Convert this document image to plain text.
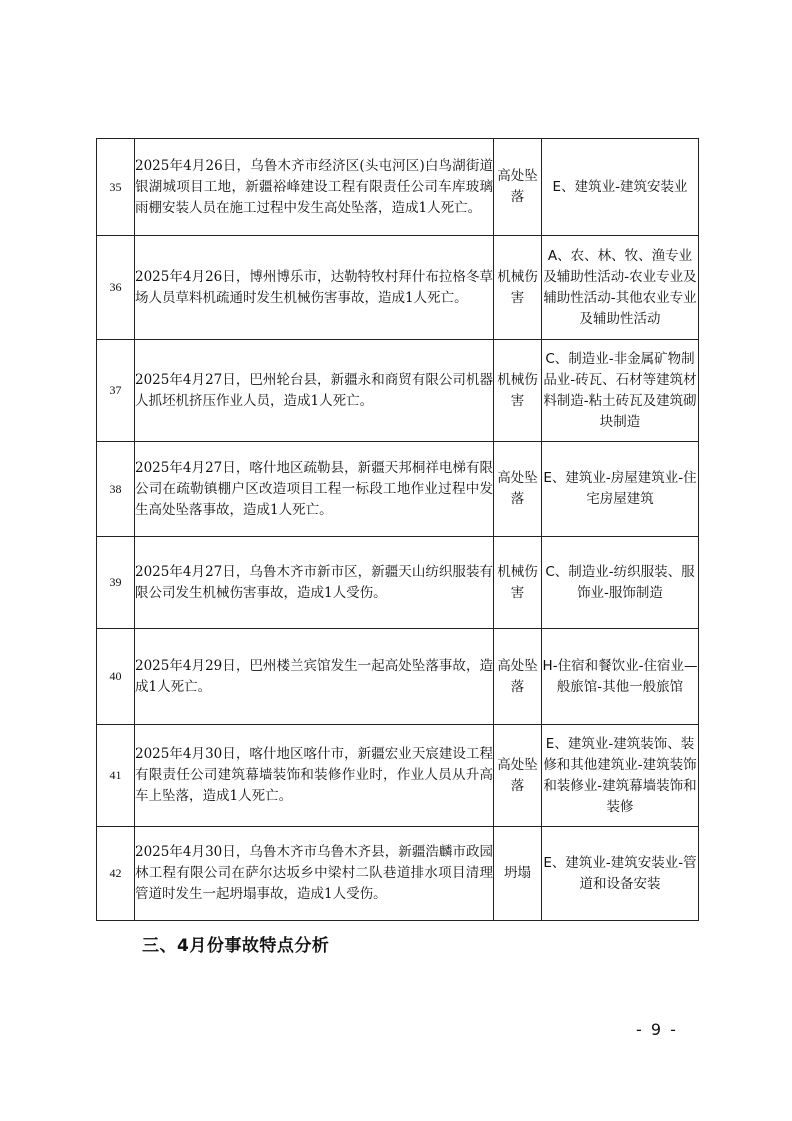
35	2025年4月26日，乌鲁木齐市经济区(头屯河区)白鸟湖街道银湖城项目工地，新疆裕峰建设工程有限责任公司车库玻璃雨棚安装人员在施工过程中发生高处坠落，造成1人死亡。	高处坠落	E、建筑业-建筑安装业
36	2025年4月26日，博州博乐市，达勒特牧村拜什布拉格冬草场人员草料机疏通时发生机械伤害事故，造成1人死亡。	机械伤害	A、农、林、牧、渔专业及辅助性活动-农业专业及辅助性活动-其他农业专业及辅助性活动
37	2025年4月27日，巴州轮台县，新疆永和商贸有限公司机器人抓坯机挤压作业人员，造成1人死亡。	机械伤害	C、制造业-非金属矿物制品业-砖瓦、石材等建筑材料制造-粘土砖瓦及建筑砌块制造
38	2025年4月27日，喀什地区疏勒县，新疆天邦桐祥电梯有限公司在疏勒镇棚户区改造项目工程一标段工地作业过程中发生高处坠落事故，造成1人死亡。	高处坠落	E、建筑业-房屋建筑业-住宅房屋建筑
39	2025年4月27日，乌鲁木齐市新市区，新疆天山纺织服装有限公司发生机械伤害事故，造成1人受伤。	机械伤害	C、制造业-纺织服装、服饰业-服饰制造
40	2025年4月29日，巴州楼兰宾馆发生一起高处坠落事故，造成1人死亡。	高处坠落	H-住宿和餐饮业-住宿业—般旅馆-其他一般旅馆
41	2025年4月30日，喀什地区喀什市，新疆宏业天宸建设工程有限责任公司建筑幕墙装饰和装修作业时，作业人员从升高车上坠落，造成1人死亡。	高处坠落	E、建筑业-建筑装饰、装修和其他建筑业-建筑装饰和装修业-建筑幕墙装饰和装修
42	2025年4月30日，乌鲁木齐市乌鲁木齐县，新疆浩麟市政园林工程有限公司在萨尔达坂乡中梁村二队巷道排水项目清理管道时发生一起坍塌事故，造成1人受伤。	坍塌	E、建筑业-建筑安装业-管道和设备安装
三、4月份事故特点分析
- 9 -
